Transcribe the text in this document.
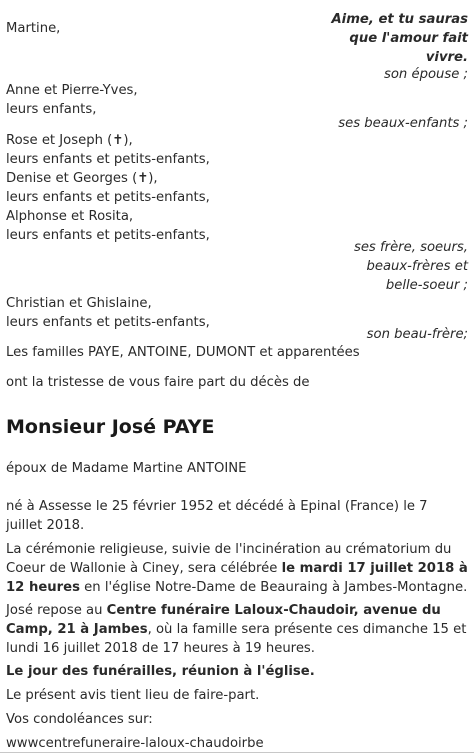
Martine,
Anne et Pierre-Yves,
leurs enfants,
Rose et Joseph (✝),
leurs enfants et petits-enfants,
Denise et Georges (✝),
leurs enfants et petits-enfants,
Alphonse et Rosita,
leurs enfants et petits-enfants,
Christian et Ghislaine,
leurs enfants et petits-enfants,
Les familles PAYE, ANTOINE, DUMONT et apparentées
ont la tristesse de vous faire part du décès de
Aime, et tu sauras
que l'amour fait
vivre.
son épouse ;
ses beaux-enfants ;
ses frère, soeurs,
beaux-frères et
belle-soeur ;
son beau-frère;
Monsieur José PAYE
époux de Madame Martine ANTOINE
né à Assesse le 25 février 1952 et décédé à Epinal (France) le 7 juillet 2018.
La cérémonie religieuse, suivie de l'incinération au crématorium du Coeur de Wallonie à Ciney, sera célébrée le mardi 17 juillet 2018 à 12 heures en l'église Notre-Dame de Beauraing à Jambes-Montagne.
José repose au Centre funéraire Laloux-Chaudoir, avenue du Camp, 21 à Jambes, où la famille sera présente ces dimanche 15 et lundi 16 juillet 2018 de 17 heures à 19 heures.
Le jour des funérailles, réunion à l'église.
Le présent avis tient lieu de faire-part.
Vos condoléances sur:
wwwcentrefuneraire-laloux-chaudoirbe
